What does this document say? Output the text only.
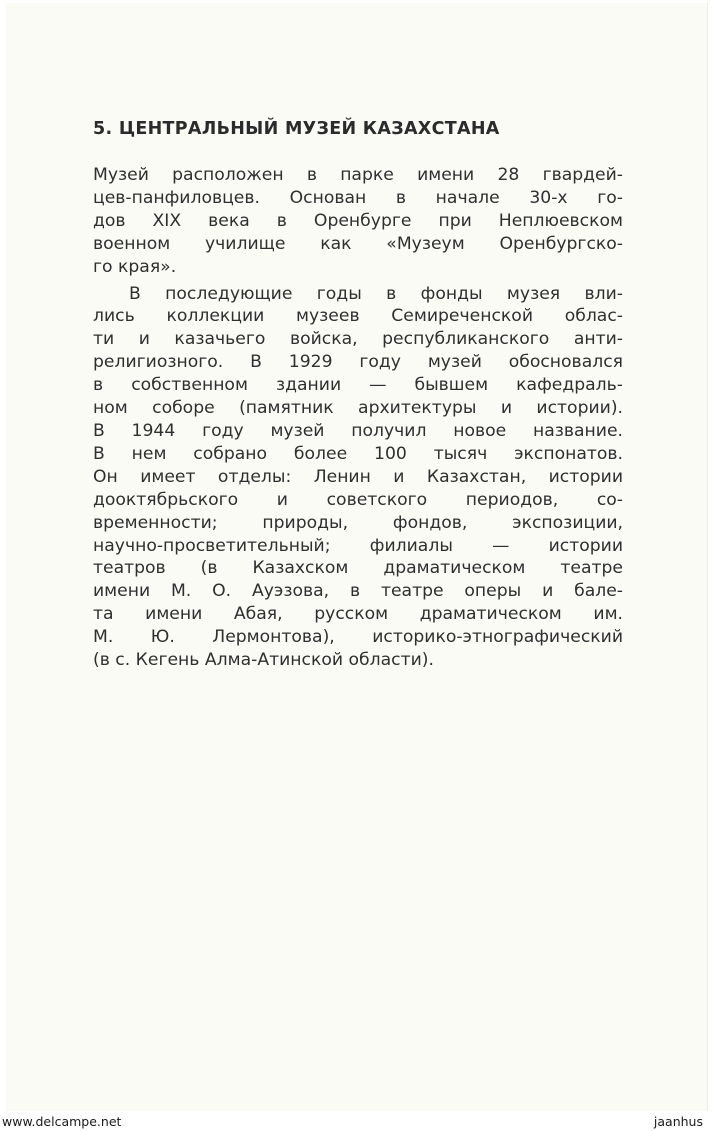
5. ЦЕНТРАЛЬНЫЙ МУЗЕЙ КАЗАХСТАНА
Музей расположен в парке имени 28 гвардей-
цев-панфиловцев. Основан в начале 30-х го-
дов XIX века в Оренбурге при Неплюевском
военном училище как «Музеум Оренбургско-
го края».
В последующие годы в фонды музея вли-
лись коллекции музеев Семиреченской облас-
ти и казачьего войска, республиканского анти-
религиозного. В 1929 году музей обосновался
в собственном здании — бывшем кафедраль-
ном соборе (памятник архитектуры и истории).
В 1944 году музей получил новое название.
В нем собрано более 100 тысяч экспонатов.
Он имеет отделы: Ленин и Казахстан, истории
дооктябрьского и советского периодов, со-
временности; природы, фондов, экспозиции,
научно-просветительный; филиалы — истории
театров (в Казахском драматическом театре
имени М. О. Ауэзова, в театре оперы и бале-
та имени Абая, русском драматическом им.
М. Ю. Лермонтова), историко-этнографический
(в с. Кегень Алма-Атинской области).
www.delcampe.net	jaanhus
